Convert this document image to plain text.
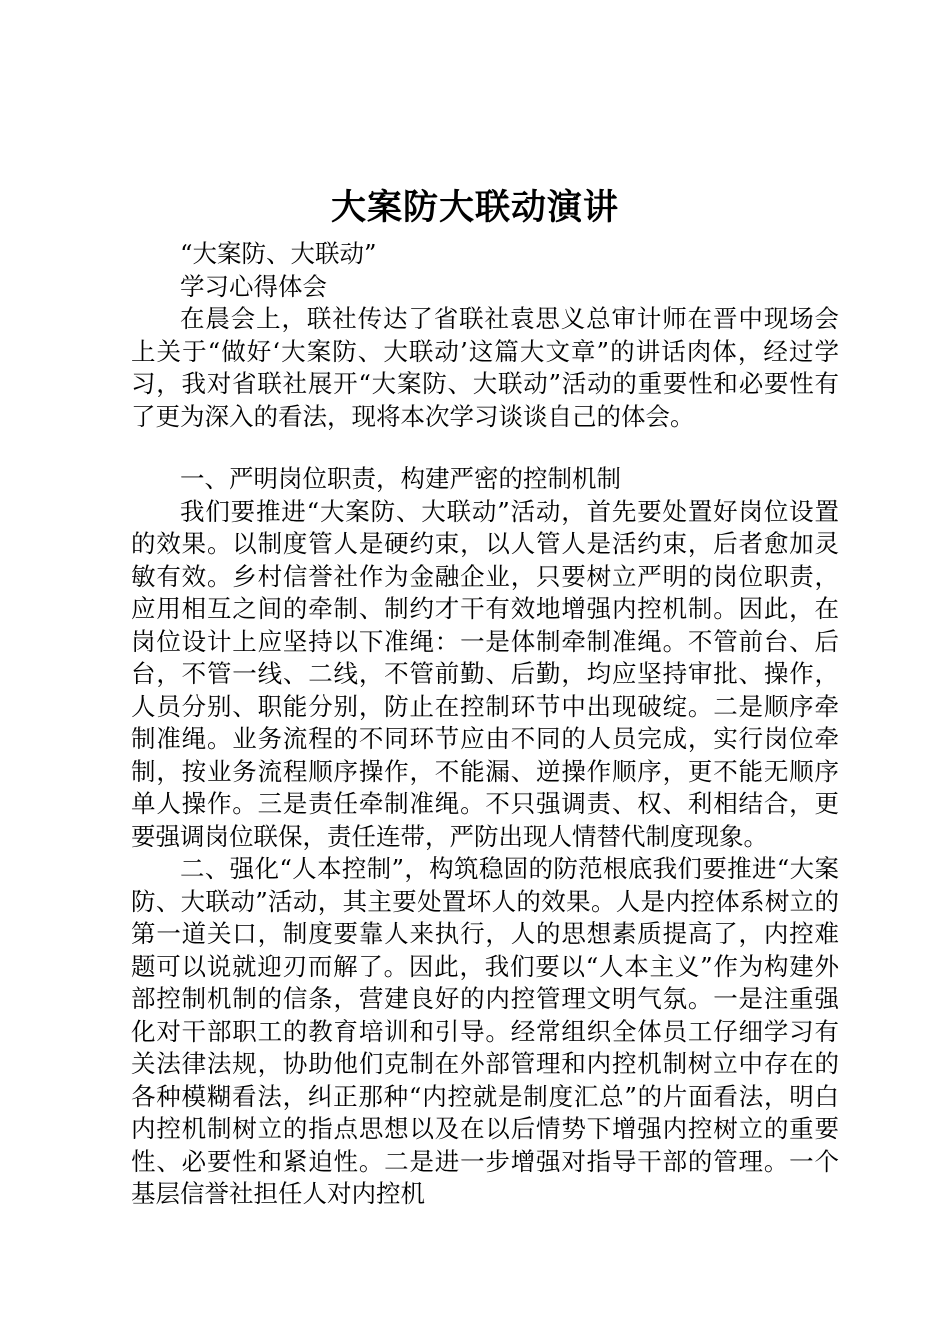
大案防大联动演讲

“大案防、大联动”

学习心得体会

在晨会上，联社传达了省联社袁思义总审计师在晋中现场会上关于“做好‘大案防、大联动’这篇大文章”的讲话肉体，经过学习，我对省联社展开“大案防、大联动”活动的重要性和必要性有了更为深入的看法，现将本次学习谈谈自己的体会。

一、严明岗位职责，构建严密的控制机制

我们要推进“大案防、大联动”活动，首先要处置好岗位设置的效果。以制度管人是硬约束，以人管人是活约束，后者愈加灵敏有效。乡村信誉社作为金融企业，只要树立严明的岗位职责，应用相互之间的牵制、制约才干有效地增强内控机制。因此，在岗位设计上应坚持以下准绳：一是体制牵制准绳。不管前台、后台，不管一线、二线，不管前勤、后勤，均应坚持审批、操作，人员分别、职能分别，防止在控制环节中出现破绽。二是顺序牵制准绳。业务流程的不同环节应由不同的人员完成，实行岗位牵制，按业务流程顺序操作，不能漏、逆操作顺序，更不能无顺序单人操作。三是责任牵制准绳。不只强调责、权、利相结合，更要强调岗位联保，责任连带，严防出现人情替代制度现象。

二、强化“人本控制”，构筑稳固的防范根底我们要推进“大案防、大联动”活动，其主要处置坏人的效果。人是内控体系树立的第一道关口，制度要靠人来执行，人的思想素质提高了，内控难题可以说就迎刃而解了。因此，我们要以“人本主义”作为构建外部控制机制的信条，营建良好的内控管理文明气氛。一是注重强化对干部职工的教育培训和引导。经常组织全体员工仔细学习有关法律法规，协助他们克制在外部管理和内控机制树立中存在的各种模糊看法，纠正那种“内控就是制度汇总”的片面看法，明白内控机制树立的指点思想以及在以后情势下增强内控树立的重要性、必要性和紧迫性。二是进一步增强对指导干部的管理。一个基层信誉社担任人对内控机
